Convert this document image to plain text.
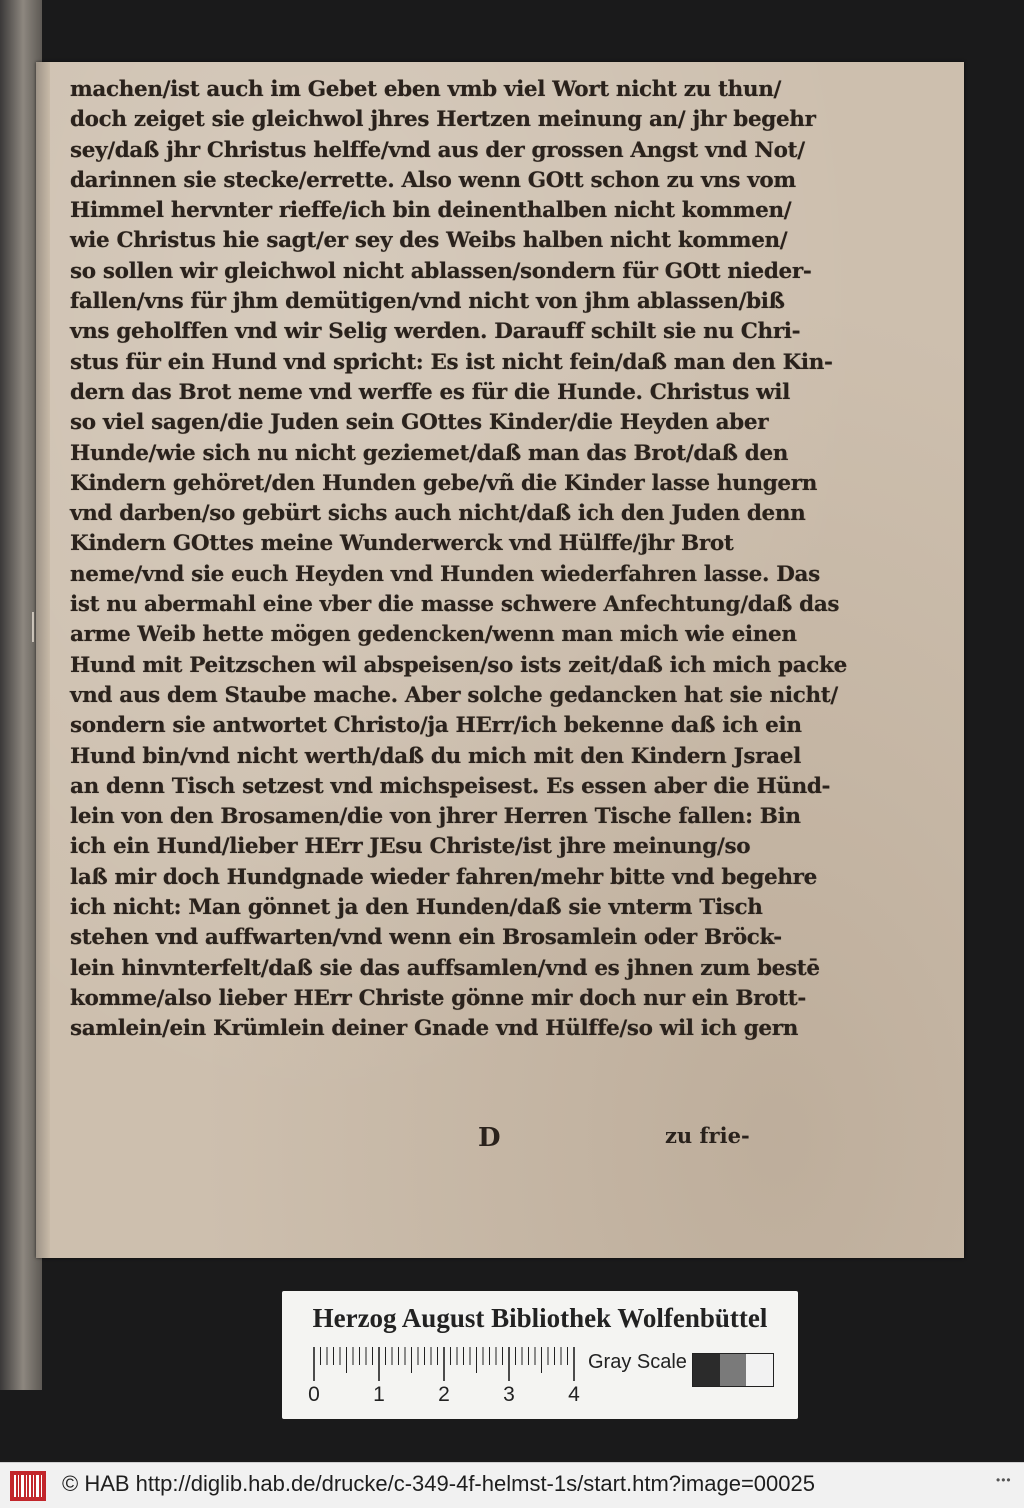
machen/ist auch im Gebet eben vmb viel Wort nicht zu thun/
doch zeiget sie gleichwol jhres Hertzen meinung an/ jhr begehr
sey/daß jhr Christus helffe/vnd aus der grossen Angst vnd Not/
darinnen sie stecke/errette. Also wenn GOtt schon zu vns vom
Himmel hervnter rieffe/ich bin deinenthalben nicht kommen/
wie Christus hie sagt/er sey des Weibs halben nicht kommen/
so sollen wir gleichwol nicht ablassen/sondern für GOtt nieder-
fallen/vns für jhm demütigen/vnd nicht von jhm ablassen/biß
vns geholffen vnd wir Selig werden. Darauff schilt sie nu Chri-
stus für ein Hund vnd spricht: Es ist nicht fein/daß man den Kin-
dern das Brot neme vnd werffe es für die Hunde. Christus wil
so viel sagen/die Juden sein GOttes Kinder/die Heyden aber
Hunde/wie sich nu nicht geziemet/daß man das Brot/daß den
Kindern gehöret/den Hunden gebe/vñ die Kinder lasse hungern
vnd darben/so gebürt sichs auch nicht/daß ich den Juden denn
Kindern GOttes meine Wunderwerck vnd Hülffe/jhr Brot
neme/vnd sie euch Heyden vnd Hunden wiederfahren lasse. Das
ist nu abermahl eine vber die masse schwere Anfechtung/daß das
arme Weib hette mögen gedencken/wenn man mich wie einen
Hund mit Peitzschen wil abspeisen/so ists zeit/daß ich mich packe
vnd aus dem Staube mache. Aber solche gedancken hat sie nicht/
sondern sie antwortet Christo/ja HErr/ich bekenne daß ich ein
Hund bin/vnd nicht werth/daß du mich mit den Kindern Jsrael
an denn Tisch setzest vnd michspeisest. Es essen aber die Hünd-
lein von den Brosamen/die von jhrer Herren Tische fallen: Bin
ich ein Hund/lieber HErr JEsu Christe/ist jhre meinung/so
laß mir doch Hundgnade wieder fahren/mehr bitte vnd begehre
ich nicht: Man gönnet ja den Hunden/daß sie vnterm Tisch
stehen vnd auffwarten/vnd wenn ein Brosamlein oder Bröck-
lein hinvnterfelt/daß sie das auffsamlen/vnd es jhnen zum bestē
komme/also lieber HErr Christe gönne mir doch nur ein Brott-
samlein/ein Krümlein deiner Gnade vnd Hülffe/so wil ich gern
D	zu frie-
Herzog August Bibliothek Wolfenbüttel
0	1	2	3	4
Gray Scale
© HAB http://diglib.hab.de/drucke/c-349-4f-helmst-1s/start.htm?image=00025	•••
